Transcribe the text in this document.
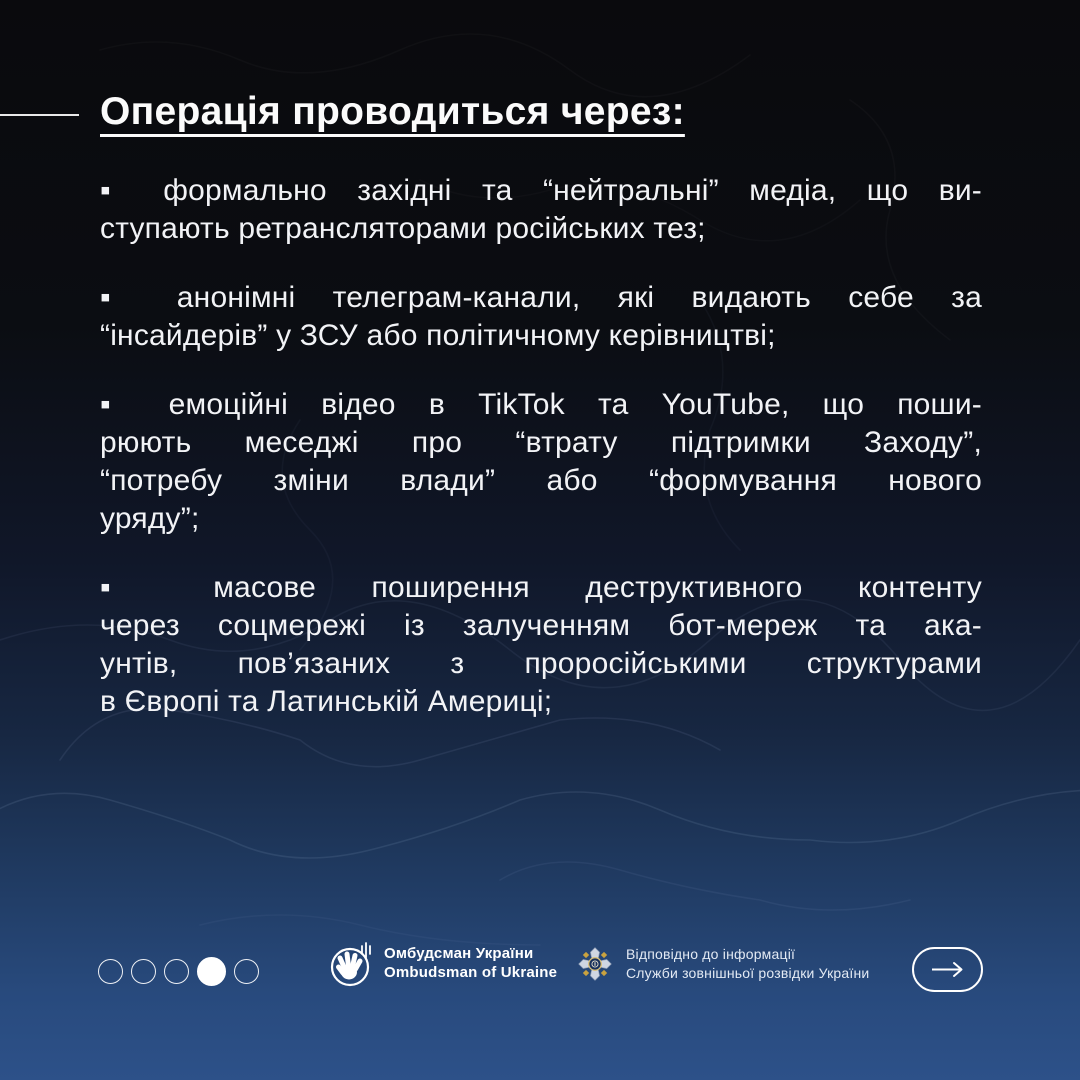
Операція проводиться через:
▪ формально західні та “нейтральні” медіа, що ви-
ступають ретрансляторами російських тез;
▪ анонімні телеграм-канали, які видають себе за
“інсайдерів” у ЗСУ або політичному керівництві;
▪ емоційні відео в TikTok та YouTube, що поши-
рюють меседжі про “втрату підтримки Заходу”,
“потребу зміни влади” або “формування нового
уряду”;
▪ масове поширення деструктивного контенту
через соцмережі із залученням бот-мереж та ака-
унтів, пов’язаних з проросійськими структурами
в Європі та Латинській Америці;
Омбудсман України
Ombudsman of Ukraine
Відповідно до інформації
Служби зовнішньої розвідки України
